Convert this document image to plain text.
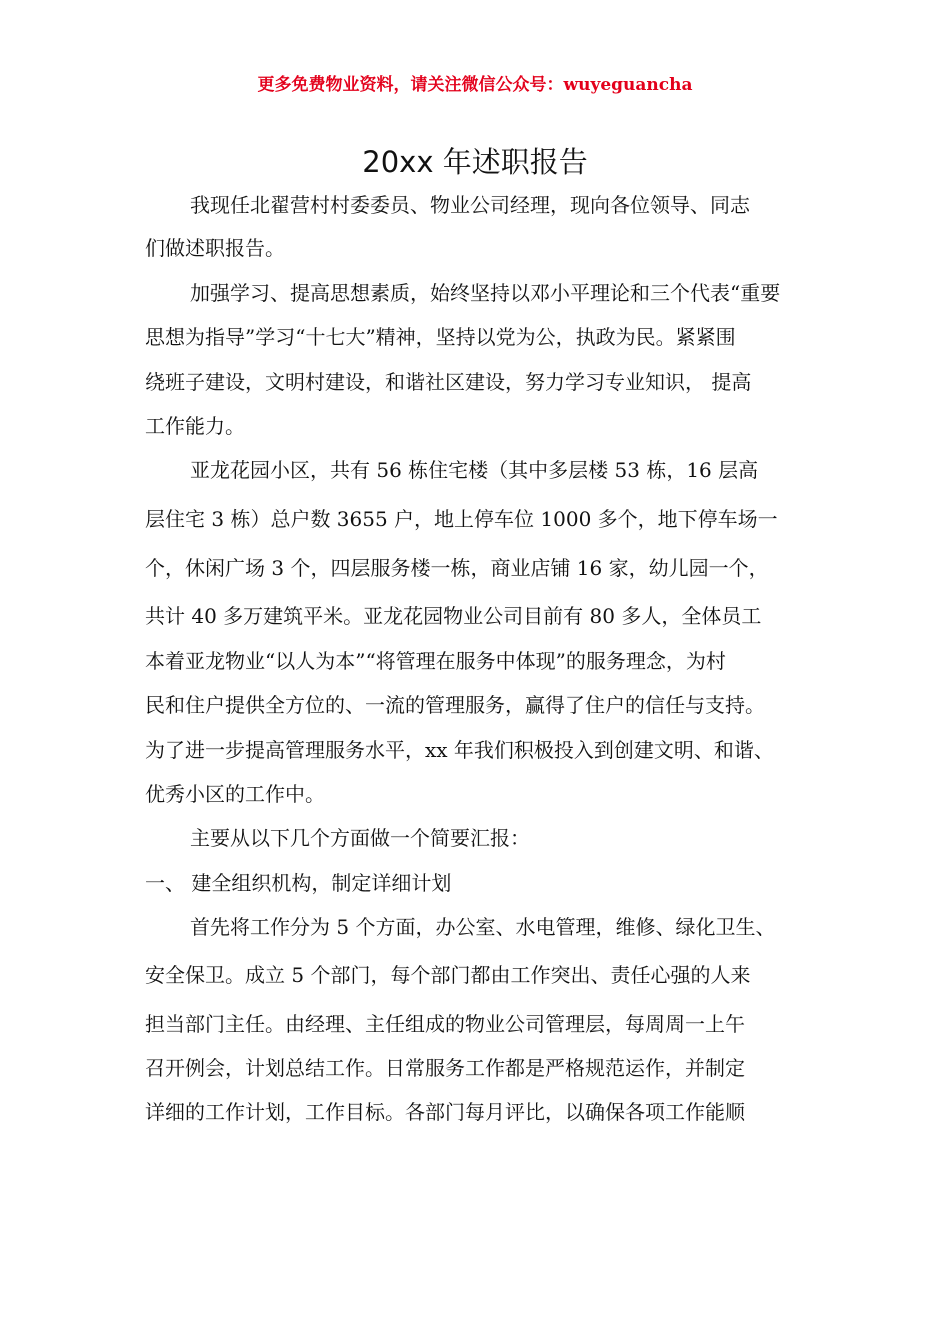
更多免费物业资料，请关注微信公众号：wuyeguancha
20xx 年述职报告
我现任北翟营村村委委员、物业公司经理，现向各位领导、同志
们做述职报告。
加强学习、提高思想素质，始终坚持以邓小平理论和三个代表“重要
思想为指导”学习“十七大”精神，坚持以党为公，执政为民。紧紧围
绕班子建设，文明村建设，和谐社区建设，努力学习专业知识， 提高
工作能力。
亚龙花园小区，共有 56 栋住宅楼（其中多层楼 53 栋，16 层高
层住宅 3 栋）总户数 3655 户，地上停车位 1000 多个，地下停车场一
个，休闲广场 3 个，四层服务楼一栋，商业店铺 16 家，幼儿园一个，
共计 40 多万建筑平米。亚龙花园物业公司目前有 80 多人，全体员工
本着亚龙物业“以人为本”“将管理在服务中体现”的服务理念，为村
民和住户提供全方位的、一流的管理服务，赢得了住户的信任与支持。
为了进一步提高管理服务水平，xx 年我们积极投入到创建文明、和谐、
优秀小区的工作中。
主要从以下几个方面做一个简要汇报：
一、 建全组织机构，制定详细计划
首先将工作分为 5 个方面，办公室、水电管理，维修、绿化卫生、
安全保卫。成立 5 个部门，每个部门都由工作突出、责任心强的人来
担当部门主任。由经理、主任组成的物业公司管理层，每周周一上午
召开例会，计划总结工作。日常服务工作都是严格规范运作，并制定
详细的工作计划，工作目标。各部门每月评比，以确保各项工作能顺
